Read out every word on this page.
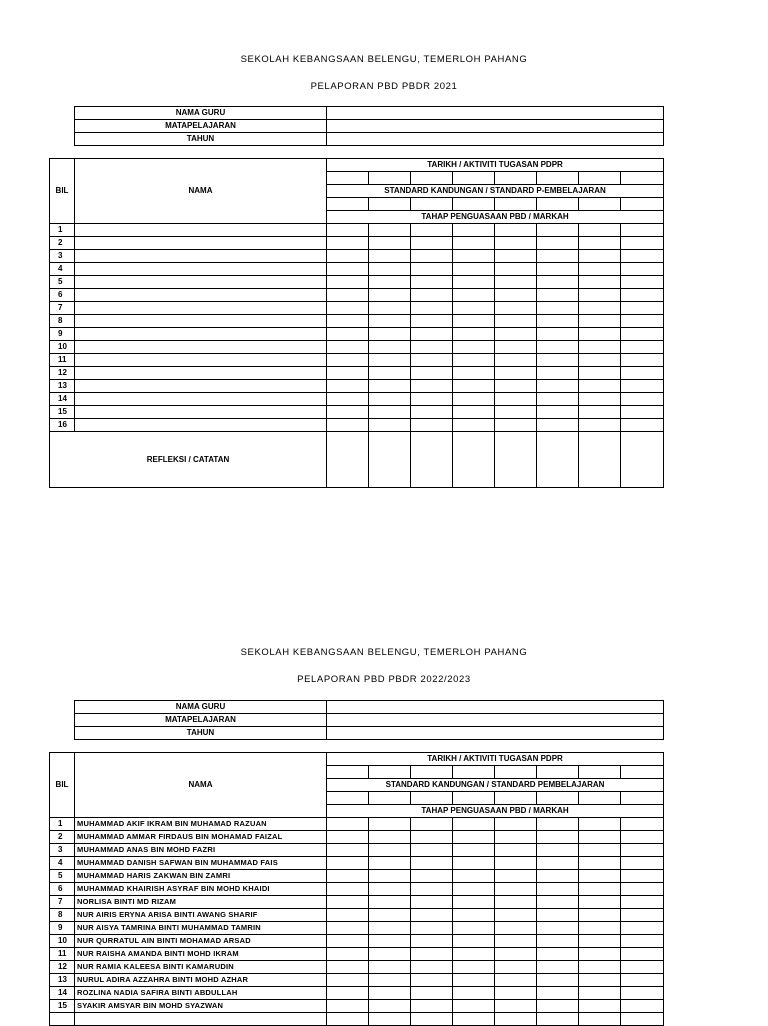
SEKOLAH KEBANGSAAN BELENGU, TEMERLOH PAHANG
PELAPORAN PBD PBDR 2021
NAMA GURU	
MATAPELAJARAN	
TAHUN	
BIL	NAMA	TARIKH / AKTIVITI TUGASAN PDPR							

		STANDARD KANDUNGAN / STANDARD P-EMBELAJARAN							

		TAHAP PENGUASAAN PBD / MARKAH							
1									
2									
3									
4									
5									
6									
7									
8									
9									
10									
11									
12									
13									
14									
15									
16									
REFLEKSI / CATATAN									
SEKOLAH KEBANGSAAN BELENGU, TEMERLOH PAHANG
PELAPORAN PBD PBDR 2022/2023
NAMA GURU	
MATAPELAJARAN	
TAHUN	
BIL	NAMA	TARIKH / AKTIVITI TUGASAN PDPR							

		STANDARD KANDUNGAN / STANDARD PEMBELAJARAN							

		TAHAP PENGUASAAN PBD / MARKAH							
1	MUHAMMAD AKIF IKRAM BIN MUHAMAD RAZUAN								
2	MUHAMMAD AMMAR FIRDAUS BIN MOHAMAD FAIZAL								
3	MUHAMMAD ANAS BIN MOHD FAZRI								
4	MUHAMMAD DANISH SAFWAN BIN MUHAMMAD FAIS								
5	MUHAMMAD HARIS ZAKWAN BIN ZAMRI								
6	MUHAMMAD KHAIRISH ASYRAF BIN MOHD KHAIDI								
7	NORLISA BINTI MD RIZAM								
8	NUR AIRIS ERYNA ARISA BINTI AWANG SHARIF								
9	NUR AISYA TAMRINA BINTI MUHAMMAD TAMRIN								
10	NUR QURRATUL AIN BINTI MOHAMAD ARSAD								
11	NUR RAISHA AMANDA BINTI MOHD IKRAM								
12	NUR RAMIA KALEESA BINTI KAMARUDIN								
13	NURUL ADIRA AZZAHRA BINTI MOHD AZHAR								
14	ROZLINA NADIA SAFIRA BINTI ABDULLAH								
15	SYAKIR AMSYAR BIN MOHD SYAZWAN								
